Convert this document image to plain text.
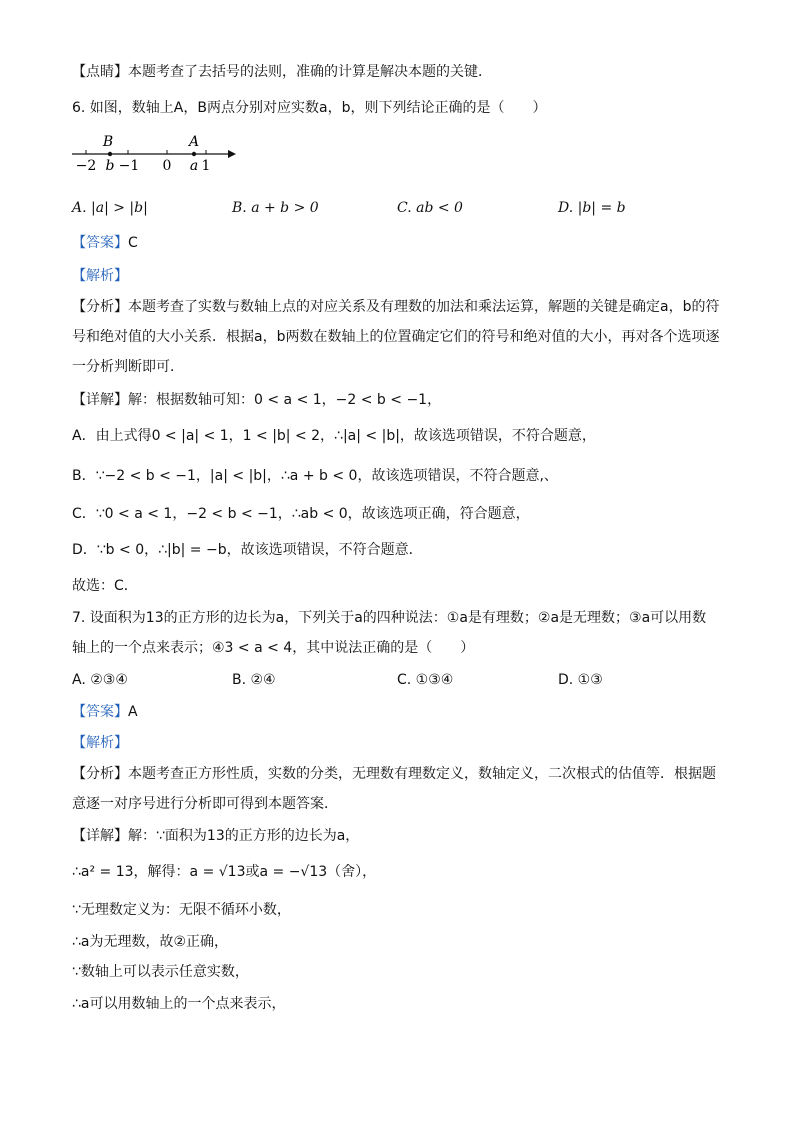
【点睛】本题考查了去括号的法则，准确的计算是解决本题的关键．
6. 如图，数轴上A，B两点分别对应实数a，b，则下列结论正确的是（　　）
B	A
−2 b −1 0 a 1
A. |a| > |b|	B. a + b > 0	C. ab < 0	D. |b| = b
【答案】C
【解析】
【分析】本题考查了实数与数轴上点的对应关系及有理数的加法和乘法运算，解题的关键是确定a，b的符
号和绝对值的大小关系．根据a，b两数在数轴上的位置确定它们的符号和绝对值的大小，再对各个选项逐
一分析判断即可．
【详解】解：根据数轴可知：0 < a < 1，−2 < b < −1，
A．由上式得0 < |a| < 1，1 < |b| < 2，∴|a| < |b|，故该选项错误，不符合题意，
B．∵−2 < b < −1，|a| < |b|，∴a + b < 0，故该选项错误，不符合题意,、
C．∵0 < a < 1，−2 < b < −1，∴ab < 0，故该选项正确，符合题意，
D．∵b < 0，∴|b| = −b，故该选项错误，不符合题意．
故选：C．
7. 设面积为13的正方形的边长为a，下列关于a的四种说法：①a是有理数；②a是无理数；③a可以用数
轴上的一个点来表示；④3 < a < 4，其中说法正确的是（　　）
A. ②③④	B. ②④	C. ①③④	D. ①③
【答案】A
【解析】
【分析】本题考查正方形性质，实数的分类，无理数有理数定义，数轴定义，二次根式的估值等．根据题
意逐一对序号进行分析即可得到本题答案．
【详解】解：∵面积为13的正方形的边长为a，
∴a² = 13，解得：a = √13或a = −√13（舍），
∵无理数定义为：无限不循环小数，
∴a为无理数，故②正确，
∵数轴上可以表示任意实数，
∴a可以用数轴上的一个点来表示，
